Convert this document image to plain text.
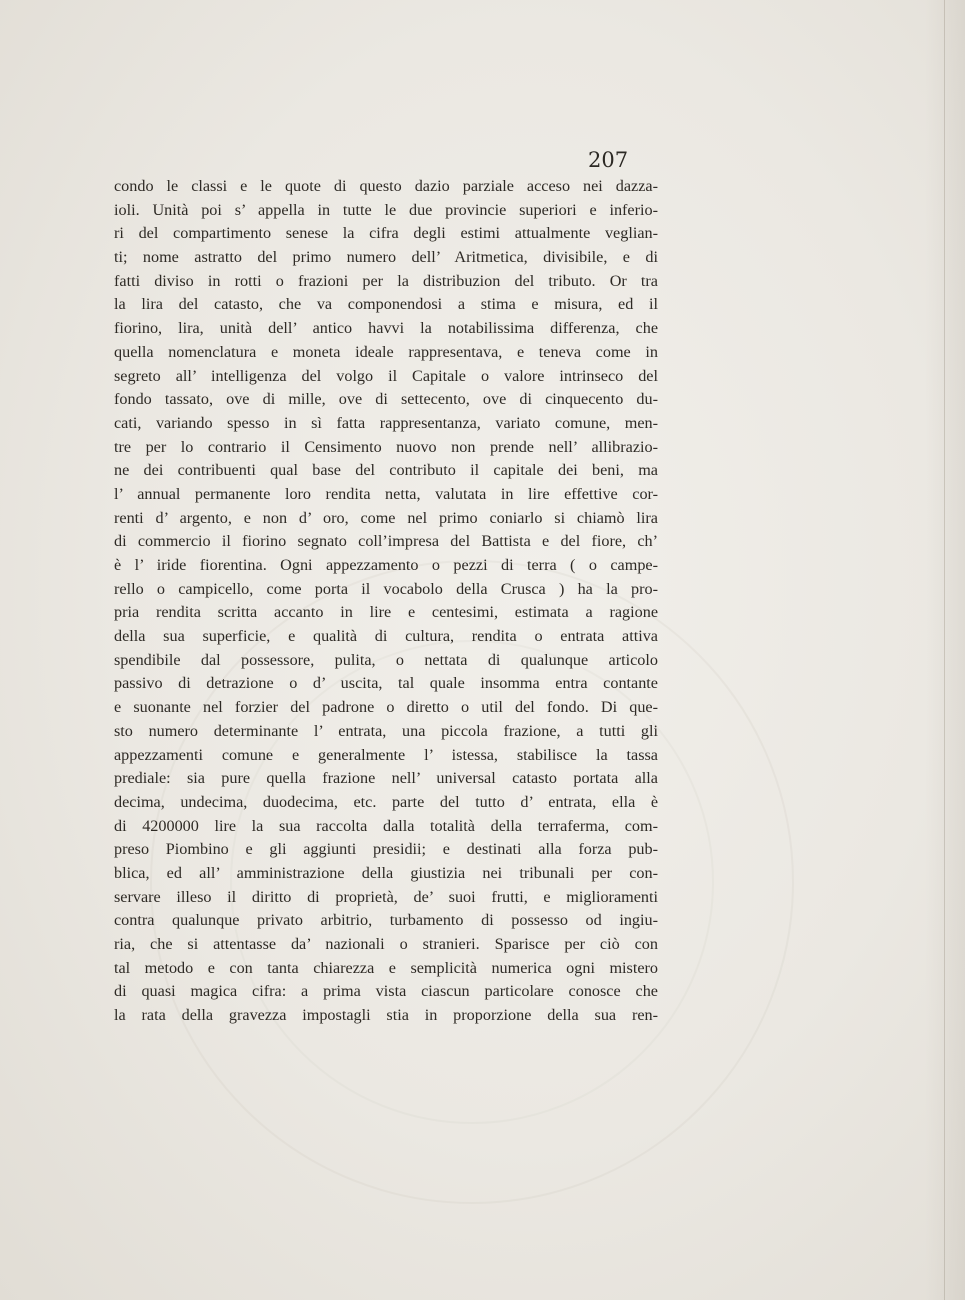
207
condo le classi e le quote di questo dazio parziale acceso nei dazza-
ioli. Unità poi s’ appella in tutte le due provincie superiori e inferio-
ri del compartimento senese la cifra degli estimi attualmente veglian-
ti; nome astratto del primo numero dell’ Aritmetica, divisibile, e di
fatti diviso in rotti o frazioni per la distribuzion del tributo. Or tra
la lira del catasto, che va componendosi a stima e misura, ed il
fiorino, lira, unità dell’ antico havvi la notabilissima differenza, che
quella nomenclatura e moneta ideale rappresentava, e teneva come in
segreto all’ intelligenza del volgo il Capitale o valore intrinseco del
fondo tassato, ove di mille, ove di settecento, ove di cinquecento du-
cati, variando spesso in sì fatta rappresentanza, variato comune, men-
tre per lo contrario il Censimento nuovo non prende nell’ allibrazio-
ne dei contribuenti qual base del contributo il capitale dei beni, ma
l’ annual permanente loro rendita netta, valutata in lire effettive cor-
renti d’ argento, e non d’ oro, come nel primo coniarlo si chiamò lira
di commercio il fiorino segnato coll’impresa del Battista e del fiore, ch’
è l’ iride fiorentina. Ogni appezzamento o pezzi di terra ( o campe-
rello o campicello, come porta il vocabolo della Crusca ) ha la pro-
pria rendita scritta accanto in lire e centesimi, estimata a ragione
della sua superficie, e qualità di cultura, rendita o entrata attiva
spendibile dal possessore, pulita, o nettata di qualunque articolo
passivo di detrazione o d’ uscita, tal quale insomma entra contante
e suonante nel forzier del padrone o diretto o util del fondo. Di que-
sto numero determinante l’ entrata, una piccola frazione, a tutti gli
appezzamenti comune e generalmente l’ istessa, stabilisce la tassa
prediale: sia pure quella frazione nell’ universal catasto portata alla
decima, undecima, duodecima, etc. parte del tutto d’ entrata, ella è
di 4200000 lire la sua raccolta dalla totalità della terraferma, com-
preso Piombino e gli aggiunti presidii; e destinati alla forza pub-
blica, ed all’ amministrazione della giustizia nei tribunali per con-
servare illeso il diritto di proprietà, de’ suoi frutti, e miglioramenti
contra qualunque privato arbitrio, turbamento di possesso od ingiu-
ria, che si attentasse da’ nazionali o stranieri. Sparisce per ciò con
tal metodo e con tanta chiarezza e semplicità numerica ogni mistero
di quasi magica cifra: a prima vista ciascun particolare conosce che
la rata della gravezza impostagli stia in proporzione della sua ren-
